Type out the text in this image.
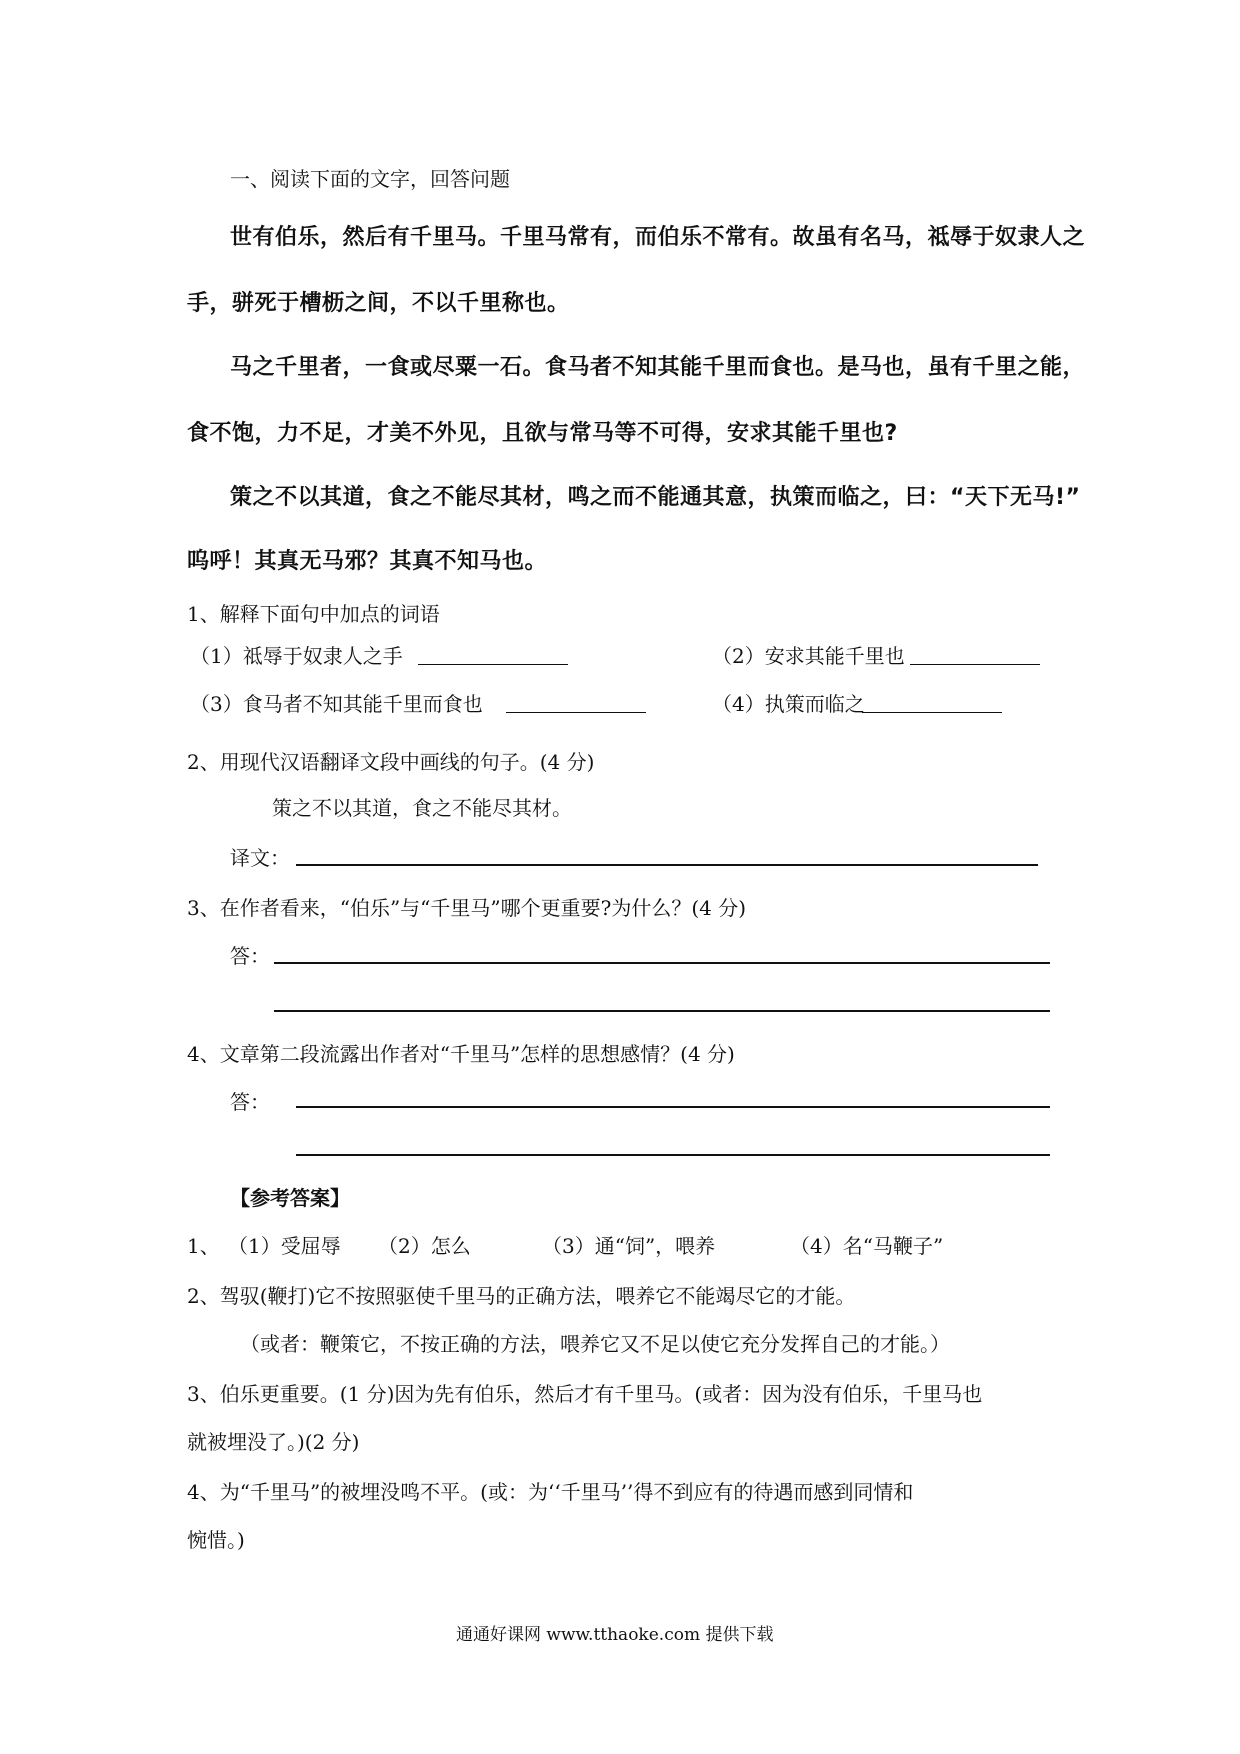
一、阅读下面的文字，回答问题
世有伯乐，然后有千里马。千里马常有，而伯乐不常有。故虽有名马，祗辱于奴隶人之
手，骈死于槽枥之间，不以千里称也。
马之千里者，一食或尽粟一石。食马者不知其能千里而食也。是马也，虽有千里之能，
食不饱，力不足，才美不外见，且欲与常马等不可得，安求其能千里也?
策之不以其道，食之不能尽其材，鸣之而不能通其意，执策而临之，曰：“天下无马!”
呜呼！其真无马邪？其真不知马也。
1、解释下面句中加点的词语
（1）祗辱于奴隶人之手	（2）安求其能千里也
（3）食马者不知其能千里而食也	（4）执策而临之
2、用现代汉语翻译文段中画线的句子。(4 分)
策之不以其道，食之不能尽其材。
译文：
3、在作者看来，“伯乐”与“千里马”哪个更重要?为什么？(4 分)
答：
4、文章第二段流露出作者对“千里马”怎样的思想感情？(4 分)
答：
【参考答案】
1、 （1）受屈辱 （2）怎么	（3）通“饲”，喂养	（4）名“马鞭子”
2、驾驭(鞭打)它不按照驱使千里马的正确方法，喂养它不能竭尽它的才能。
（或者：鞭策它，不按正确的方法，喂养它又不足以使它充分发挥自己的才能。）
3、伯乐更重要。(1 分)因为先有伯乐，然后才有千里马。(或者：因为没有伯乐，千里马也
就被埋没了。)(2 分)
4、为“千里马”的被埋没鸣不平。(或：为‘‘千里马’’得不到应有的待遇而感到同情和
惋惜。)
通通好课网 www.tthaoke.com 提供下载
